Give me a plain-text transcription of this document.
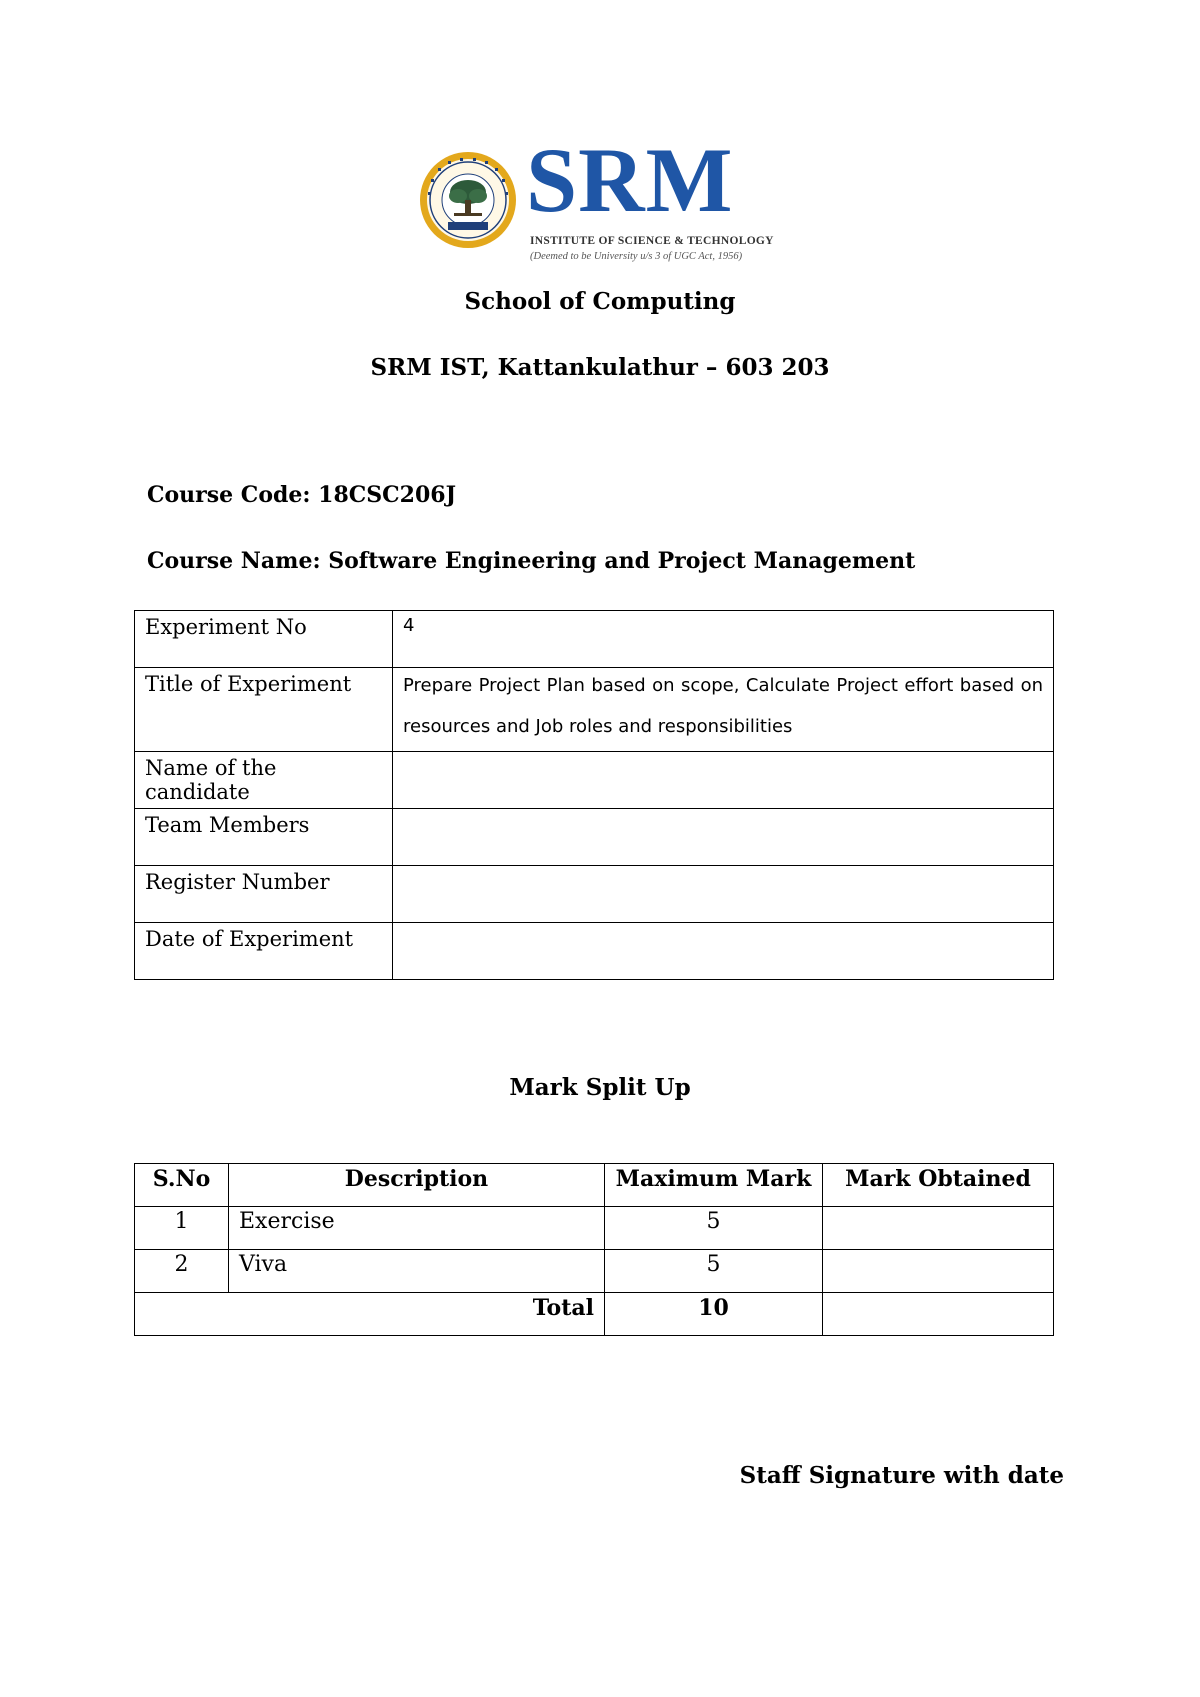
SRM
INSTITUTE OF SCIENCE & TECHNOLOGY
(Deemed to be University u/s 3 of UGC Act, 1956)
School of Computing
SRM IST, Kattankulathur – 603 203
Course Code: 18CSC206J
Course Name: Software Engineering and Project Management
Experiment No	4
Title of Experiment	Prepare Project Plan based on scope, Calculate Project effort based on resources and Job roles and responsibilities

Name of the candidate	
Team Members	
Register Number	
Date of Experiment	
Mark Split Up
S.No	Description	Maximum Mark	Mark Obtained
1	Exercise	5	
2	Viva	5	
Total		10	
Staff Signature with date
